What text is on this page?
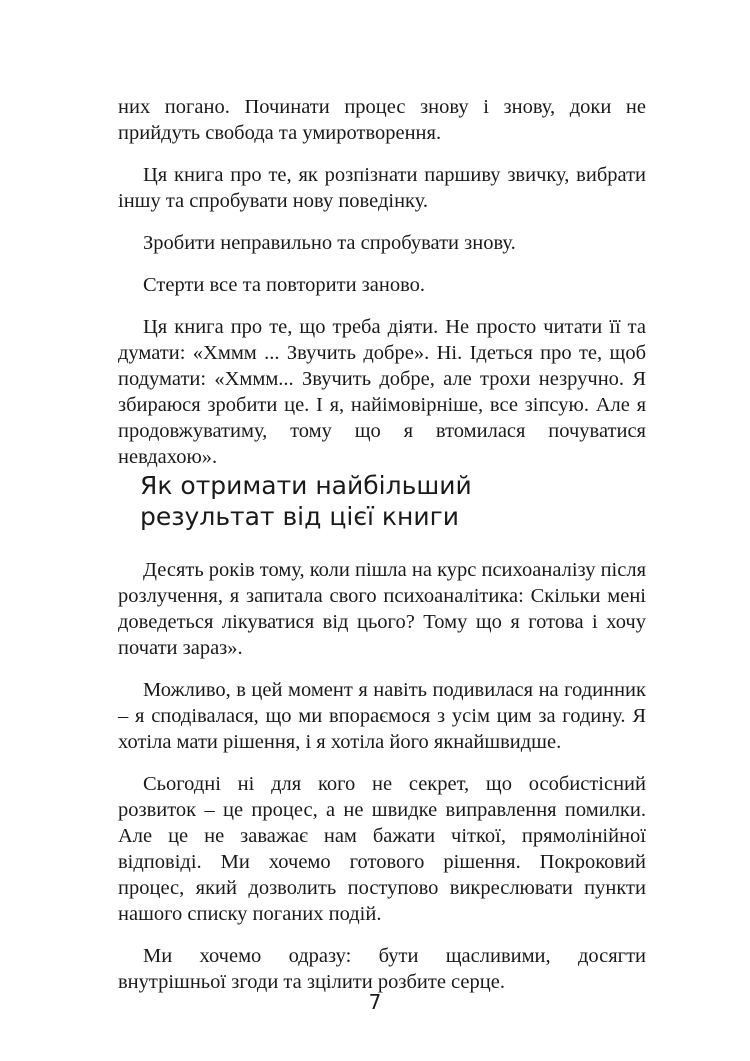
них погано. Починати процес знову і знову, доки не прийдуть свобода та умиротворення.

Ця книга про те, як розпізнати паршиву звичку, вибрати іншу та спробувати нову поведінку.

Зробити неправильно та спробувати знову.

Стерти все та повторити заново.

Ця книга про те, що треба діяти. Не просто читати її та думати: «Хммм ... Звучить добре». Ні. Ідеться про те, щоб подумати: «Хммм... Звучить добре, але трохи незручно. Я збираюся зробити це. І я, найімовірніше, все зіпсую. Але я продовжуватиму, тому що я втомилася почуватися невдахою».

Як отримати найбільший
результат від цієї книги

Десять років тому, коли пішла на курс психоаналізу після розлучення, я запитала свого психоаналітика: Скільки мені доведеться лікуватися від цього? Тому що я готова і хочу почати зараз».

Можливо, в цей момент я навіть подивилася на годинник – я сподівалася, що ми впораємося з усім цим за годину. Я хотіла мати рішення, і я хотіла його якнайшвидше.

Сьогодні ні для кого не секрет, що особистісний розвиток – це процес, а не швидке виправлення помилки. Але це не заважає нам бажати чіткої, прямолінійної відповіді. Ми хочемо готового рішення. Покроковий процес, який дозволить поступово викреслювати пункти нашого списку поганих подій.

Ми хочемо одразу: бути щасливими, досягти внутрішньої згоди та зцілити розбите серце.

7
